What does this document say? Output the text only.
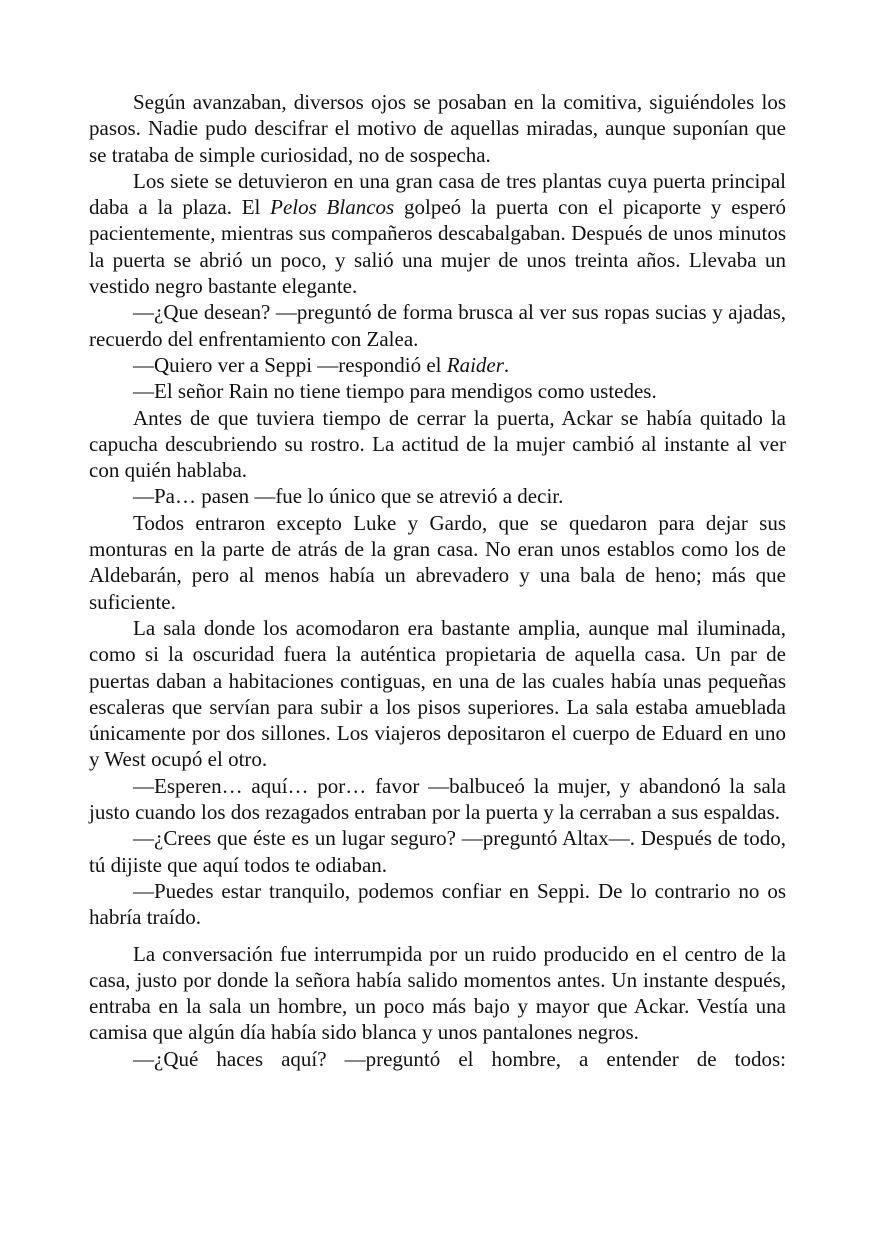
Según avanzaban, diversos ojos se posaban en la comitiva, siguiéndoles los pasos. Nadie pudo descifrar el motivo de aquellas miradas, aunque suponían que se trataba de simple curiosidad, no de sospecha.

Los siete se detuvieron en una gran casa de tres plantas cuya puerta principal daba a la plaza. El Pelos Blancos golpeó la puerta con el picaporte y esperó pacientemente, mientras sus compañeros descabalgaban. Después de unos minutos la puerta se abrió un poco, y salió una mujer de unos treinta años. Llevaba un vestido negro bastante elegante.

—¿Que desean? —preguntó de forma brusca al ver sus ropas sucias y ajadas, recuerdo del enfrentamiento con Zalea.

—Quiero ver a Seppi —respondió el Raider.

—El señor Rain no tiene tiempo para mendigos como ustedes.

Antes de que tuviera tiempo de cerrar la puerta, Ackar se había quitado la capucha descubriendo su rostro. La actitud de la mujer cambió al instante al ver con quién hablaba.

—Pa… pasen —fue lo único que se atrevió a decir.

Todos entraron excepto Luke y Gardo, que se quedaron para dejar sus monturas en la parte de atrás de la gran casa. No eran unos establos como los de Aldebarán, pero al menos había un abrevadero y una bala de heno; más que suficiente.

La sala donde los acomodaron era bastante amplia, aunque mal iluminada, como si la oscuridad fuera la auténtica propietaria de aquella casa. Un par de puertas daban a habitaciones contiguas, en una de las cuales había unas pequeñas escaleras que servían para subir a los pisos superiores. La sala estaba amueblada únicamente por dos sillones. Los viajeros depositaron el cuerpo de Eduard en uno y West ocupó el otro.

—Esperen… aquí… por… favor —balbuceó la mujer, y abandonó la sala justo cuando los dos rezagados entraban por la puerta y la cerraban a sus espaldas.

—¿Crees que éste es un lugar seguro? —preguntó Altax—. Después de todo, tú dijiste que aquí todos te odiaban.

—Puedes estar tranquilo, podemos confiar en Seppi. De lo contrario no os habría traído.

La conversación fue interrumpida por un ruido producido en el centro de la casa, justo por donde la señora había salido momentos antes. Un instante después, entraba en la sala un hombre, un poco más bajo y mayor que Ackar. Vestía una camisa que algún día había sido blanca y unos pantalones negros.

—¿Qué haces aquí? —preguntó el hombre, a entender de todos:
